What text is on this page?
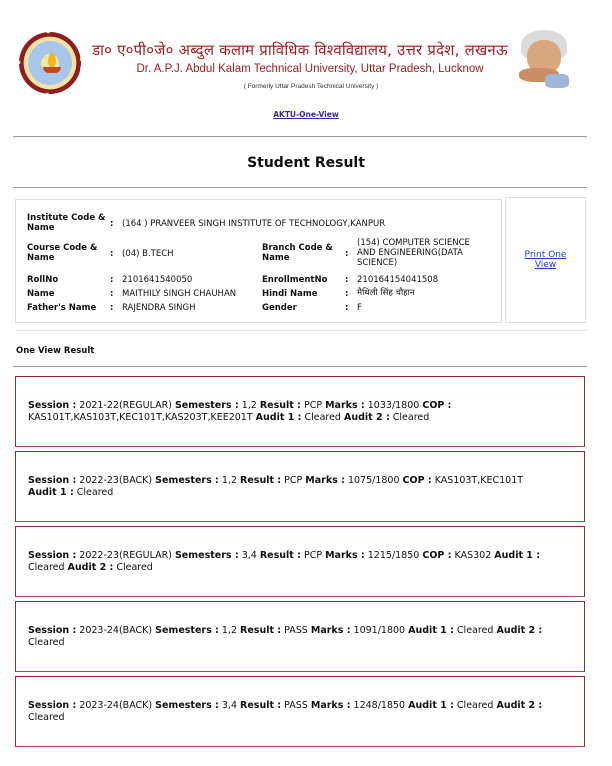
डा० ए०पी०जे० अब्दुल कलाम प्राविधिक विश्वविद्यालय, उत्तर प्रदेश, लखनऊ
Dr. A.P.J. Abdul Kalam Technical University, Uttar Pradesh, Lucknow
( Formerly Uttar Pradesh Technical University )
AKTU-One-View
Student Result
Institute Code & Name	: (164 ) PRANVEER SINGH INSTITUTE OF TECHNOLOGY,KANPUR
Course Code & Name	: (04) B.TECH
Branch Code & Name	:
(154) COMPUTER SCIENCE AND ENGINEERING(DATA SCIENCE)
RollNo	: 2101641540050	EnrollmentNo : 210164154041508
Name	: MAITHILY SINGH CHAUHAN	Hindi Name	: मैथिली सिंह चौहान
Father's Name : RAJENDRA SINGH	Gender	: F
Print One View
One View Result
Session : 2021-22(REGULAR) Semesters : 1,2 Result : PCP Marks : 1033/1800 COP : KAS101T,KAS103T,KEC101T,KAS203T,KEE201T Audit 1 : Cleared Audit 2 : Cleared
Session : 2022-23(BACK) Semesters : 1,2 Result : PCP Marks : 1075/1800 COP : KAS103T,KEC101T
Audit 1 : Cleared
Session : 2022-23(REGULAR) Semesters : 3,4 Result : PCP Marks : 1215/1850 COP : KAS302 Audit 1 : Cleared Audit 2 : Cleared
Session : 2023-24(BACK) Semesters : 1,2 Result : PASS Marks : 1091/1800 Audit 1 : Cleared Audit 2 : Cleared
Session : 2023-24(BACK) Semesters : 3,4 Result : PASS Marks : 1248/1850 Audit 1 : Cleared Audit 2 : Cleared
